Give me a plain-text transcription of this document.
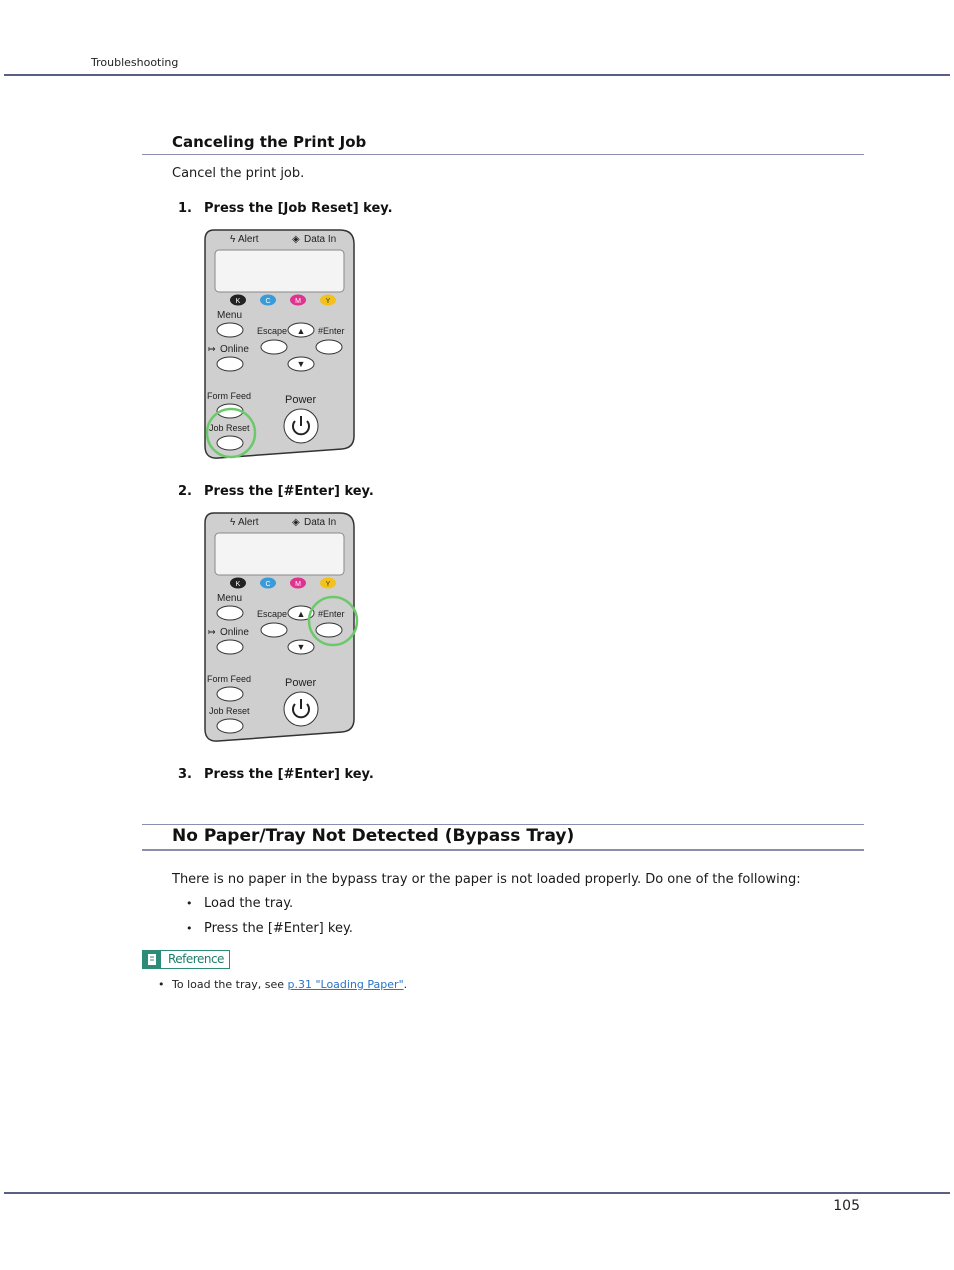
Troubleshooting
Canceling the Print Job
Cancel the print job.
1. Press the [Job Reset] key.
ϟ Alert	◈ Data In
K	C	M	Y
Menu
Escape ▲ #Enter
↦ Online
▼
Form Feed	Power
Job Reset
2. Press the [#Enter] key.
ϟ Alert	◈ Data In
K	C	M	Y
Menu
Escape ▲ #Enter
↦ Online
▼
Form Feed	Power
Job Reset
3. Press the [#Enter] key.
No Paper/Tray Not Detected (Bypass Tray)
There is no paper in the bypass tray or the paper is not loaded properly. Do one of the following:
• Load the tray.
• Press the [#Enter] key.
Reference
• To load the tray, see p.31 "Loading Paper".
105
